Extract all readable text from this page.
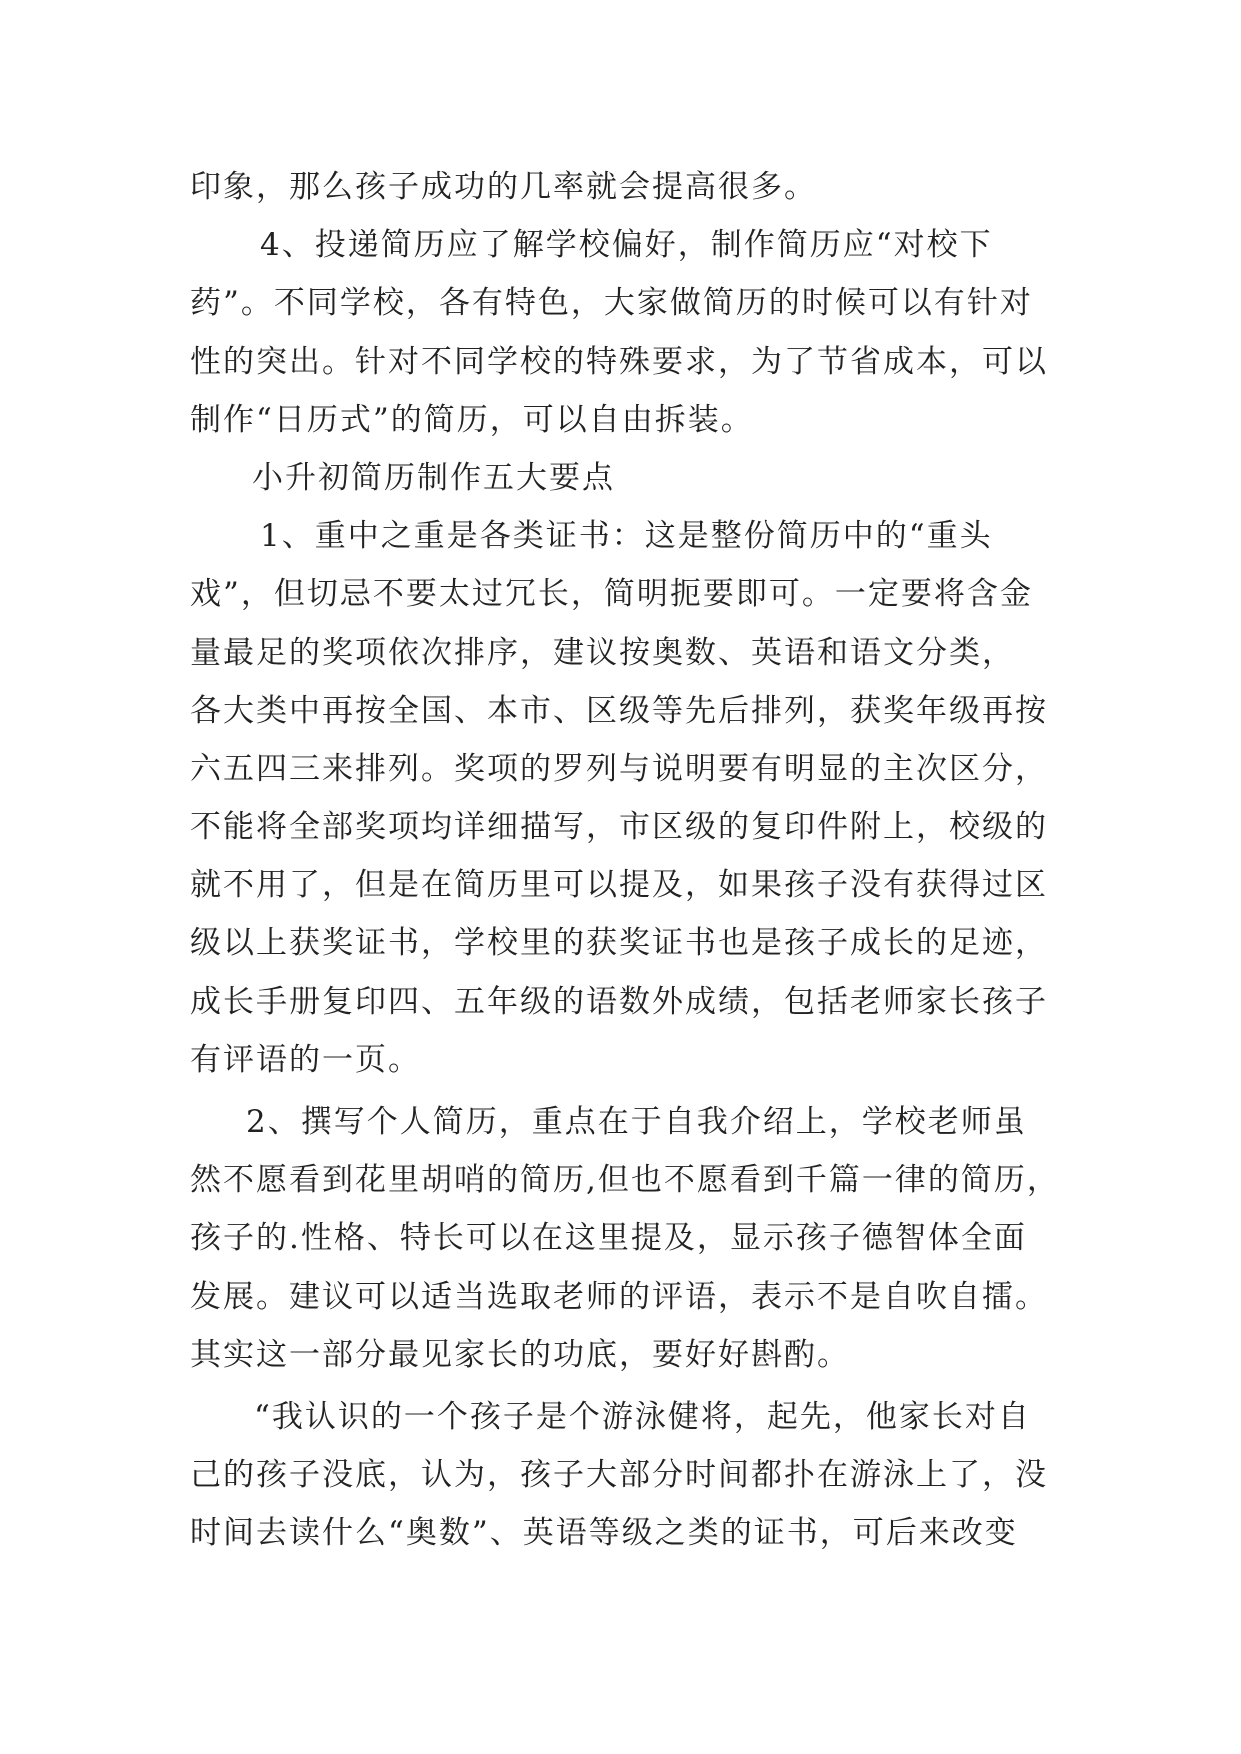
印象，那么孩子成功的几率就会提高很多。
4、投递简历应了解学校偏好，制作简历应“对校下
药”。不同学校，各有特色，大家做简历的时候可以有针对
性的突出。针对不同学校的特殊要求，为了节省成本，可以
制作“日历式”的简历，可以自由拆装。
小升初简历制作五大要点
1、重中之重是各类证书：这是整份简历中的“重头
戏”，但切忌不要太过冗长，简明扼要即可。一定要将含金
量最足的奖项依次排序，建议按奥数、英语和语文分类，
各大类中再按全国、本市、区级等先后排列，获奖年级再按
六五四三来排列。奖项的罗列与说明要有明显的主次区分，
不能将全部奖项均详细描写，市区级的复印件附上，校级的
就不用了，但是在简历里可以提及，如果孩子没有获得过区
级以上获奖证书，学校里的获奖证书也是孩子成长的足迹，
成长手册复印四、五年级的语数外成绩，包括老师家长孩子
有评语的一页。
2、撰写个人简历，重点在于自我介绍上，学校老师虽
然不愿看到花里胡哨的简历,但也不愿看到千篇一律的简历，
孩子的.性格、特长可以在这里提及，显示孩子德智体全面
发展。建议可以适当选取老师的评语，表示不是自吹自擂。
其实这一部分最见家长的功底，要好好斟酌。
“我认识的一个孩子是个游泳健将，起先，他家长对自
己的孩子没底，认为，孩子大部分时间都扑在游泳上了，没
时间去读什么“奥数”、英语等级之类的证书，可后来改变
